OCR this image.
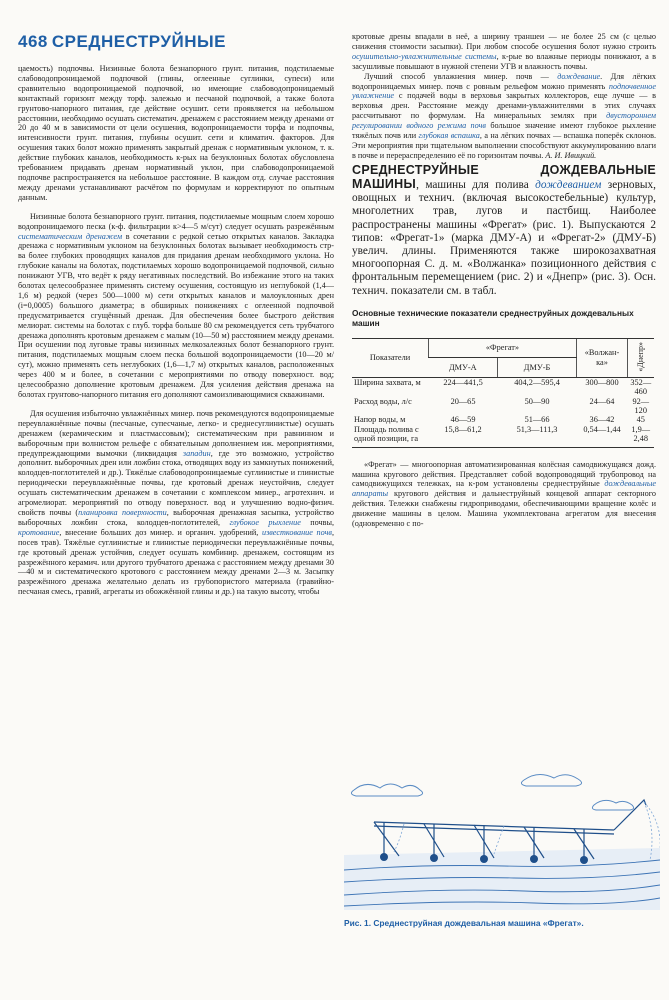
468 СРЕДНЕСТРУЙНЫЕ

цаемость) подпочвы. Низинные болота безнапорного грунт. питания, подстилаемые слабоводопроницаемой подпочвой (глины, оглеенные суглинки, супеси) или сравнительно водопроницаемой подпочвой, но имеющие слабоводопроницаемый контактный горизонт между торф. залежью и песчаной подпочвой, а также болота грунтово-напорного питания, где действие осушит. сети проявляется на небольшом расстоянии, необходимо осушать систематич. дренажем с расстоянием между дренами от 20 до 40 м в зависимости от цели осушения, водопроницаемости торфа и подпочвы, интенсивности грунт. питания, глубины осушит. сети и климатич. факторов. Для осушения таких болот можно применять закрытый дренаж с нормативным уклоном, т. к. действие глубоких каналов, необходимость к-рых на безуклонных болотах обусловлена требованием придавать дренам нормативный уклон, при слабоводопроницаемой подпочве распространяется на небольшое расстояние. В каждом отд. случае расстояния между дренами устанавливают расчётом по формулам и корректируют по опытным данным.

Низинные болота безнапорного грунт. питания, подстилаемые мощным слоем хорошо водопроницаемого песка (к-ф. фильтрации к>4—5 м/сут) следует осушать разрежённым систематическим дренажем в сочетании с редкой сетью открытых каналов. Закладка дренажа с нормативным уклоном на безуклонных болотах вызывает необходимость стр-ва более глубоких проводящих каналов для придания дренам необходимого уклона. Но глубокие каналы на болотах, подстилаемых хорошо водопроницаемой подпочвой, сильно понижают УГВ, что ведёт к ряду негативных последствий. Во избежание этого на таких болотах целесообразнее применять систему осушения, состоящую из неглубокой (1,4—1,6 м) редкой (через 500—1000 м) сети открытых каналов и малоуклонных дрен (i=0,0005) большого диаметра; в обширных понижениях с оглеенной подпочвой предусматривается сгущённый дренаж. Для обеспечения более быстрого действия мелиорат. системы на болотах с глуб. торфа больше 80 см рекомендуется сеть трубчатого дренажа дополнять кротовым дренажем с малым (10—50 м) расстоянием между дренами. При осушении под луговые травы низинных мелкозалежных болот безнапорного грунт. питания, подстилаемых мощным слоем песка большой водопроницаемости (10—20 м/сут), можно применять сеть неглубоких (1,6—1,7 м) открытых каналов, расположенных через 400 м и более, в сочетании с мероприятиями по отводу поверхност. вод; целесообразно дополнение кротовым дренажем. Для усиления действия дренажа на болотах грунтово-напорного питания его дополняют самоизливающимися скважинами.

Для осушения избыточно увлажнённых минер. почв рекомендуются водопроницаемые переувлажнённые почвы (песчаные, супесчаные, легко- и среднесуглинистые) осушать дренажем (керамическим и пластмассовым); систематическим при равнинном и выборочным при волнистом рельефе с обязательным дополнением иж. мероприятиями, предупреждающими вымочки (ликвидация западин, где это возможно, устройство дополнит. выборочных дрен или ложбин стока, отводящих воду из замкнутых понижений, колодцев-поглотителей и др.). Тяжёлые слабоводопроницаемые суглинистые и глинистые периодически переувлажнённые почвы, где кротовый дренаж неустойчив, следует осушать систематическим дренажем в сочетании с комплексом минер., агротехнич. и агромелиорат. мероприятий по отводу поверхност. вод и улучшению водно-физич. свойств почвы (планировка поверхности, выборочная дренажная засыпка, устройство выборочных ложбин стока, колодцев-поглотителей, глубокое рыхление почвы, кротование, внесение больших доз минер. и органич. удобрений, известкование почв, посев трав). Тяжёлые суглинистые и глинистые периодически переувлажнённые почвы, где кротовый дренаж устойчив, следует осушать комбинир. дренажем, состоящим из разрежённого керамич. или другого трубчатого дренажа с расстоянием между дренами 30—40 м и систематического кротового с расстоянием между дренами 2—3 м. Засыпку разрежённого дренажа желательно делать из грубопористого материала (гравийно-песчаная смесь, гравий, агрегаты из обожжённой глины и др.) на такую высоту, чтобы

кротовые дрены впадали в неё, а ширину траншеи — не более 25 см (с целью снижения стоимости засыпки). При любом способе осушения болот нужно строить осушительно-увлажнительные системы, к-рые во влажные периоды понижают, а в засушливые повышают в нужной степени УГВ и влажность почвы.

Лучший способ увлажнения минер. почв — дождевание. Для лёгких водопроницаемых минер. почв с ровным рельефом можно применять подпочвенное увлажнение с подачей воды в верховья закрытых коллекторов, еще лучше — в верховья дрен. Расстояние между дренами-увлажнителями в этих случаях рассчитывают по формулам. На минеральных землях при двустороннем регулировании водного режима почв большое значение имеют глубокое рыхление тяжёлых почв или глубокая вспашка, а на лёгких почвах — вспашка поперёк склонов. Эти мероприятия при тщательном выполнении способствуют аккумулированию влаги в почве и перераспределению её по горизонтам почвы. А. И. Ивицкий.

СРЕДНЕСТРУЙНЫЕ ДОЖДЕВАЛЬНЫЕ МАШИНЫ, машины для полива дождеванием зерновых, овощных и технич. (включая высокостебельные) культур, многолетних трав, лугов и пастбищ. Наиболее распространены машины «Фрегат» (рис. 1). Выпускаются 2 типов: «Фрегат-1» (марка ДМУ-А) и «Фрегат-2» (ДМУ-Б) увелич. длины. Применяются также широкозахватная многоопорная С. д. м. «Волжанка» позиционного действия с фронтальным перемещением (рис. 2) и «Днепр» (рис. 3). Осн. технич. показатели см. в табл.

Основные технические показатели среднеструйных дождевальных машин
Показатели	«Фрегат»		«Волжан-ка»	«Днепр»
	ДМУ-А	ДМУ-Б		
Ширина захвата, м	224—441,5	404,2—595,4	300—800	352—460
Расход воды, л/с	20—65	50—90	24—64	92—120
Напор воды, м	46—59	51—66	36—42	45
Площадь полива с одной позиции, га	15,8—61,2	51,3—111,3	0,54—1,44	1,9—2,48

«Фрегат» — многоопорная автоматизированная колёсная самодвижущаяся дожд. машина кругового действия. Представляет собой водопроводящий трубопровод на самодвижущихся тележках, на к-ром установлены среднеструйные дождевальные аппараты кругового действия и дальнеструйный концевой аппарат секторного действия. Тележки снабжены гидроприводами, обеспечивающими вращение колёс и движение машины в целом. Машина укомплектована агрегатом для внесения (одновременно с по-

Рис. 1. Среднеструйная дождевальная машина «Фрегат».
